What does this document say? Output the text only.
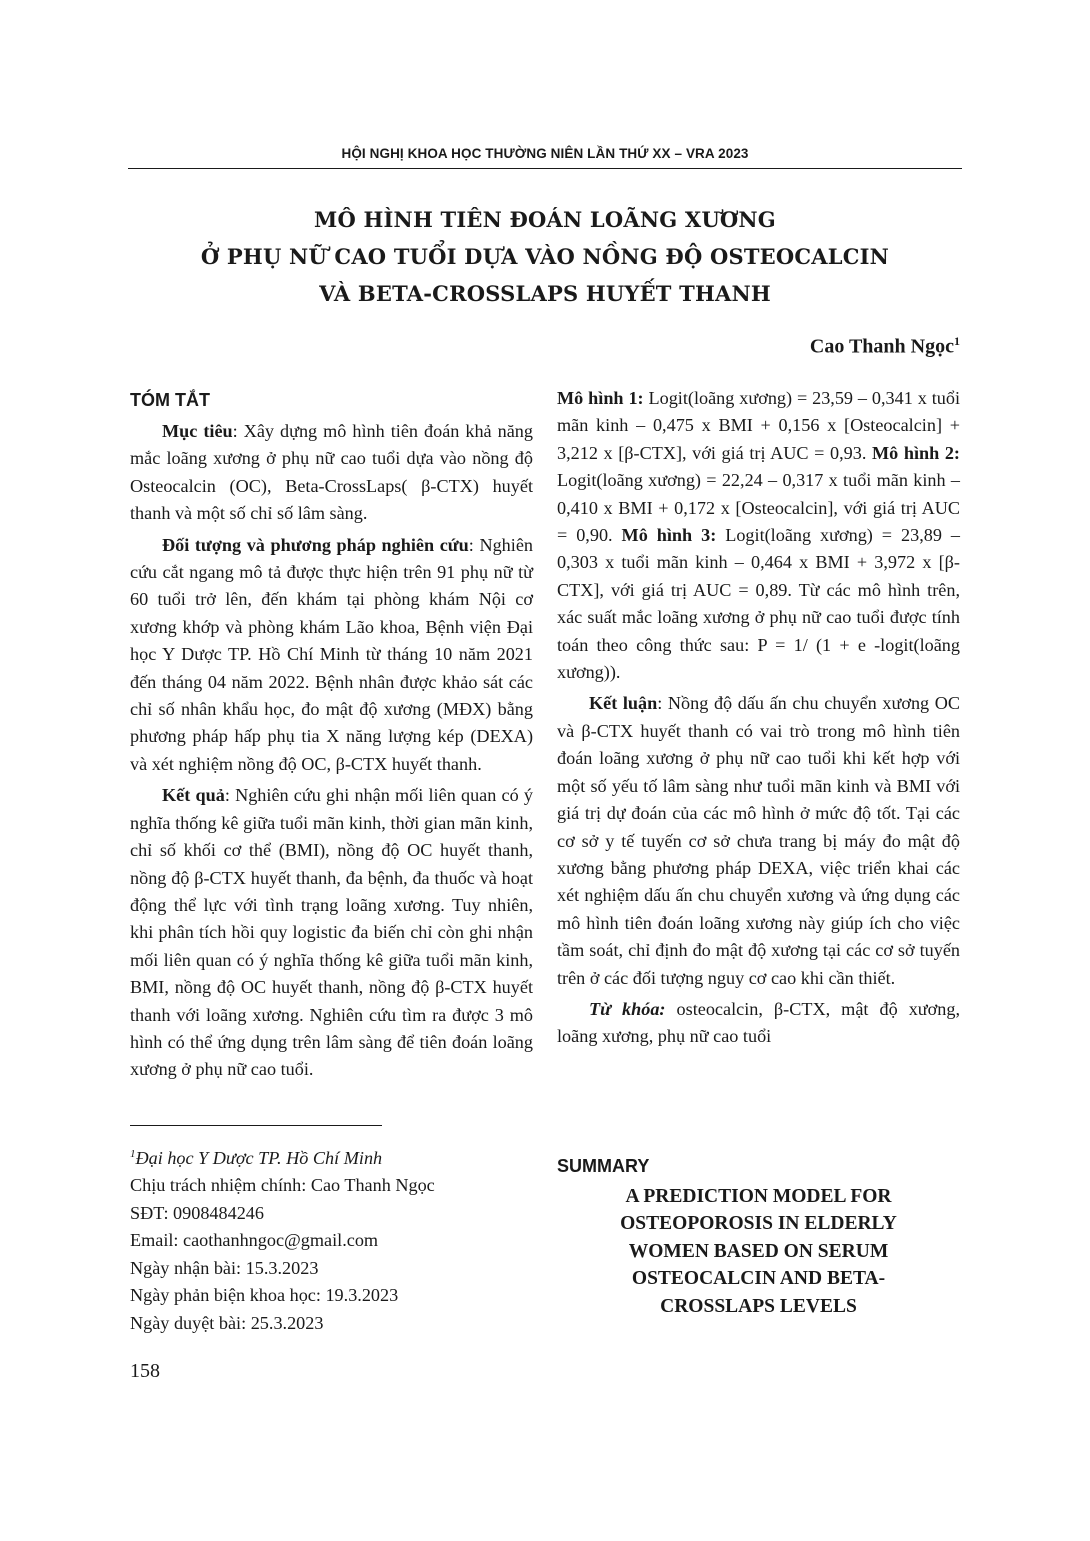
HỘI NGHỊ KHOA HỌC THƯỜNG NIÊN LẦN THỨ XX – VRA 2023
MÔ HÌNH TIÊN ĐOÁN LOÃNG XƯƠNG
Ở PHỤ NỮ CAO TUỔI DỰA VÀO NỒNG ĐỘ OSTEOCALCIN
VÀ BETA-CROSSLAPS HUYẾT THANH
Cao Thanh Ngọc$^1$
TÓM TẮT

Mục tiêu: Xây dựng mô hình tiên đoán khả năng mắc loãng xương ở phụ nữ cao tuổi dựa vào nồng độ Osteocalcin (OC), Beta-CrossLaps( β-CTX) huyết thanh và một số chỉ số lâm sàng.

Đối tượng và phương pháp nghiên cứu: Nghiên cứu cắt ngang mô tả được thực hiện trên 91 phụ nữ từ 60 tuổi trở lên, đến khám tại phòng khám Nội cơ xương khớp và phòng khám Lão khoa, Bệnh viện Đại học Y Dược TP. Hồ Chí Minh từ tháng 10 năm 2021 đến tháng 04 năm 2022. Bệnh nhân được khảo sát các chỉ số nhân khẩu học, đo mật độ xương (MĐX) bằng phương pháp hấp phụ tia X năng lượng kép (DEXA) và xét nghiệm nồng độ OC, β-CTX huyết thanh.

Kết quả: Nghiên cứu ghi nhận mối liên quan có ý nghĩa thống kê giữa tuổi mãn kinh, thời gian mãn kinh, chỉ số khối cơ thể (BMI), nồng độ OC huyết thanh, nồng độ β-CTX huyết thanh, đa bệnh, đa thuốc và hoạt động thể lực với tình trạng loãng xương. Tuy nhiên, khi phân tích hồi quy logistic đa biến chỉ còn ghi nhận mối liên quan có ý nghĩa thống kê giữa tuổi mãn kinh, BMI, nồng độ OC huyết thanh, nồng độ β-CTX huyết thanh với loãng xương. Nghiên cứu tìm ra được 3 mô hình có thể ứng dụng trên lâm sàng để tiên đoán loãng xương ở phụ nữ cao tuổi.

Mô hình 1: Logit(loãng xương) = 23,59 – 0,341 x tuổi mãn kinh – 0,475 x BMI + 0,156 x [Osteocalcin] + 3,212 x [β-CTX], với giá trị AUC = 0,93. Mô hình 2: Logit(loãng xương) = 22,24 – 0,317 x tuổi mãn kinh – 0,410 x BMI + 0,172 x [Osteocalcin], với giá trị AUC = 0,90. Mô hình 3: Logit(loãng xương) = 23,89 – 0,303 x tuổi mãn kinh – 0,464 x BMI + 3,972 x [β-CTX], với giá trị AUC = 0,89. Từ các mô hình trên, xác suất mắc loãng xương ở phụ nữ cao tuổi được tính toán theo công thức sau: P = 1/ (1 + e -logit(loãng xương)).

Kết luận: Nồng độ dấu ấn chu chuyển xương OC và β-CTX huyết thanh có vai trò trong mô hình tiên đoán loãng xương ở phụ nữ cao tuổi khi kết hợp với một số yếu tố lâm sàng như tuổi mãn kinh và BMI với giá trị dự đoán của các mô hình ở mức độ tốt. Tại các cơ sở y tế tuyến cơ sở chưa trang bị máy đo mật độ xương bằng phương pháp DEXA, việc triển khai các xét nghiệm dấu ấn chu chuyển xương và ứng dụng các mô hình tiên đoán loãng xương này giúp ích cho việc tầm soát, chỉ định đo mật độ xương tại các cơ sở tuyến trên ở các đối tượng nguy cơ cao khi cần thiết.

Từ khóa: osteocalcin, β-CTX, mật độ xương, loãng xương, phụ nữ cao tuổi

$^1$Đại học Y Dược TP. Hồ Chí Minh
Chịu trách nhiệm chính: Cao Thanh Ngọc
SĐT: 0908484246
Email: caothanhngoc@gmail.com
Ngày nhận bài: 15.3.2023
Ngày phản biện khoa học: 19.3.2023
Ngày duyệt bài: 25.3.2023
SUMMARY
A PREDICTION MODEL FOR
OSTEOPOROSIS IN ELDERLY
WOMEN BASED ON SERUM
OSTEOCALCIN AND BETA-
CROSSLAPS LEVELS
158
